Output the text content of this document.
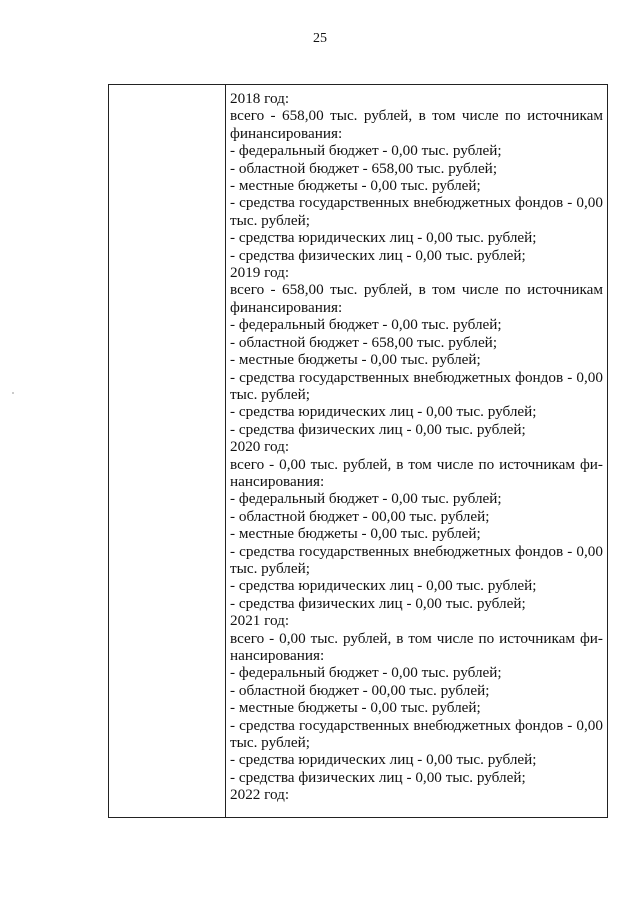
25
2018 год:
всего - 658,00 тыс. рублей, в том числе по источникам
финансирования:
- федеральный бюджет - 0,00 тыс. рублей;
- областной бюджет - 658,00 тыс. рублей;
- местные бюджеты - 0,00 тыс. рублей;
- средства государственных внебюджетных фондов - 0,00
тыс. рублей;
- средства юридических лиц - 0,00 тыс. рублей;
- средства физических лиц - 0,00 тыс. рублей;
2019 год:
всего - 658,00 тыс. рублей, в том числе по источникам
финансирования:
- федеральный бюджет - 0,00 тыс. рублей;
- областной бюджет - 658,00 тыс. рублей;
- местные бюджеты - 0,00 тыс. рублей;
- средства государственных внебюджетных фондов - 0,00
тыс. рублей;
- средства юридических лиц - 0,00 тыс. рублей;
- средства физических лиц - 0,00 тыс. рублей;
2020 год:
всего - 0,00 тыс. рублей, в том числе по источникам фи-
нансирования:
- федеральный бюджет - 0,00 тыс. рублей;
- областной бюджет - 00,00 тыс. рублей;
- местные бюджеты - 0,00 тыс. рублей;
- средства государственных внебюджетных фондов - 0,00
тыс. рублей;
- средства юридических лиц - 0,00 тыс. рублей;
- средства физических лиц - 0,00 тыс. рублей;
2021 год:
всего - 0,00 тыс. рублей, в том числе по источникам фи-
нансирования:
- федеральный бюджет - 0,00 тыс. рублей;
- областной бюджет - 00,00 тыс. рублей;
- местные бюджеты - 0,00 тыс. рублей;
- средства государственных внебюджетных фондов - 0,00
тыс. рублей;
- средства юридических лиц - 0,00 тыс. рублей;
- средства физических лиц - 0,00 тыс. рублей;
2022 год:
